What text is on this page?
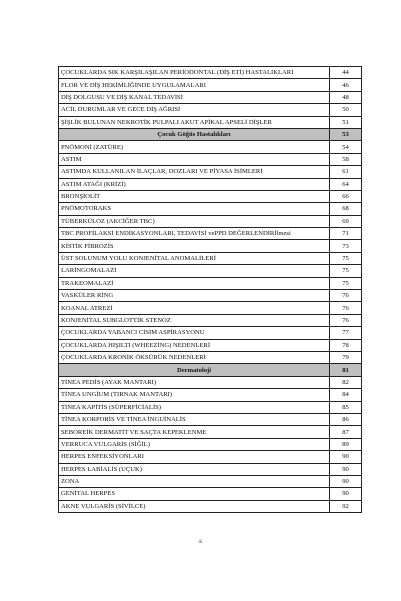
ÇOCUKLARDA SIK KARŞILAŞILAN PERİODONTAL (DİŞ ETİ) HASTALIKLARI	44
FLOR VE DİŞ HEKİMLİĞİNDE UYGULAMALARI	46
DİŞ DOLGUSU VE DİŞ KANAL TEDAVİSİ	48
ACİL DURUMLAR VE GECE DİŞ AĞRISI	50
ŞİŞLİK BULUNAN NEKROTİK PULPALI AKUT APİKAL APSELİ DİŞLER	51
Çocuk Göğüs Hastalıkları	53
PNÖMONİ (ZATÜRE)	54
ASTIM	58
ASTIMDA KULLANILAN İLAÇLAR, DOZLARI VE PİYASA İSİMLERİ	61
ASTIM ATAĞI (KRİZİ)	64
BRONŞİOLİT	66
PNÖMOTORAKS	68
TÜBERKÜLOZ (AKCİĞER TBC)	69
TBC PROFİLAKSİ ENDİKASYONLARI, TEDAVİSİ vePPD DEĞERLENDİRİlmesi	71
KİSTİK FİBROZİS	73
ÜST SOLUNUM YOLU KONJENİTAL ANOMALİLERİ	75
LARİNGOMALAZİ	75
TRAKEOMALAZİ	75
VASKÜLER RİNG	76
KOANAL ATREZİ	76
KONJENİTAL SUBGLOTTİK STENOZ	76
ÇOCUKLARDA YABANCI CİSİM ASPİRASYONU	77
ÇOCUKLARDA HIŞILTI (WHEEZİNG) NEDENLERİ	78
ÇOCUKLARDA KRONİK ÖKSÜRÜK NEDENLERİ	79
Dermatoloji	81
TİNEA PEDİS (AYAK MANTARI)	82
TİNEA UNGİUM (TIRNAK MANTARI)	84
TİNEA KAPİTİS (SÜPERFİCİALİS)	85
TİNEA KORPORİS VE TİNEA İNGUİNALİS	86
SEBOREİK DERMATİT VE SAÇTA KEPEKLENME	87
VERRUCA VULGARİS (SİĞİL)	89
HERPES ENFEKSİYONLARI	90
HERPES LABİALİS (UÇUK)	90
ZONA	90
GENİTAL HERPES	90
AKNE VULGARİS (SİVİLCE)	92
iii
